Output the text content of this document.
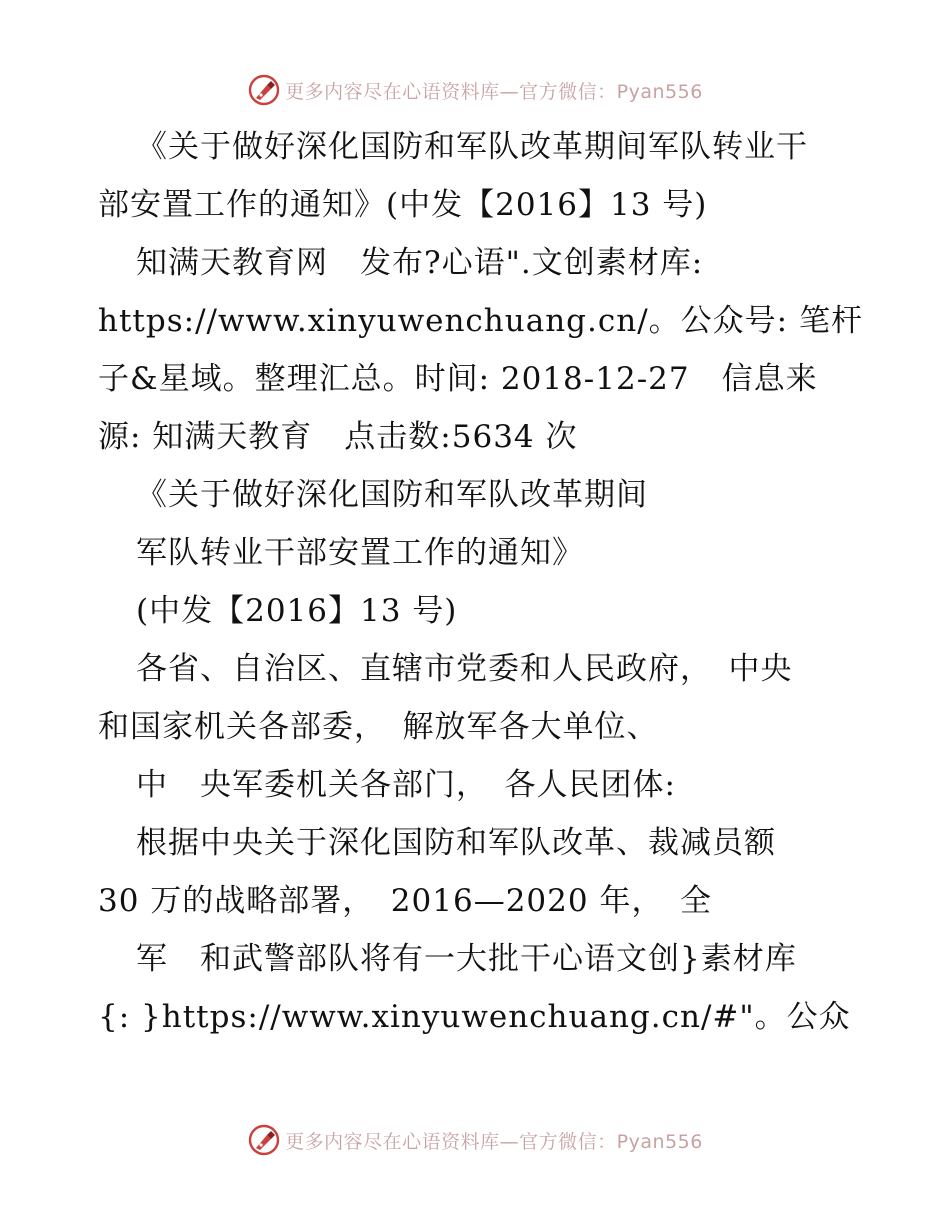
更多内容尽在心语资料库—官方微信：Pyan556
《关于做好深化国防和军队改革期间军队转业干
部安置工作的通知》(中发【2016】13 号)
知满天教育网　发布?心语".文创素材库:
https://www.xinyuwenchuang.cn/。公众号: 笔杆
子&星域。整理汇总。时间: 2018-12-27　信息来
源: 知满天教育　点击数:5634 次
《关于做好深化国防和军队改革期间
军队转业干部安置工作的通知》
(中发【2016】13 号)
各省、自治区、直辖市党委和人民政府，　中央
和国家机关各部委，　解放军各大单位、
中　央军委机关各部门，　各人民团体:
根据中央关于深化国防和军队改革、裁减员额
30 万的战略部署，　2016—2020 年，　全
军　和武警部队将有一大批干心语文创}素材库
{: }https://www.xinyuwenchuang.cn/#"。公众
更多内容尽在心语资料库—官方微信：Pyan556
